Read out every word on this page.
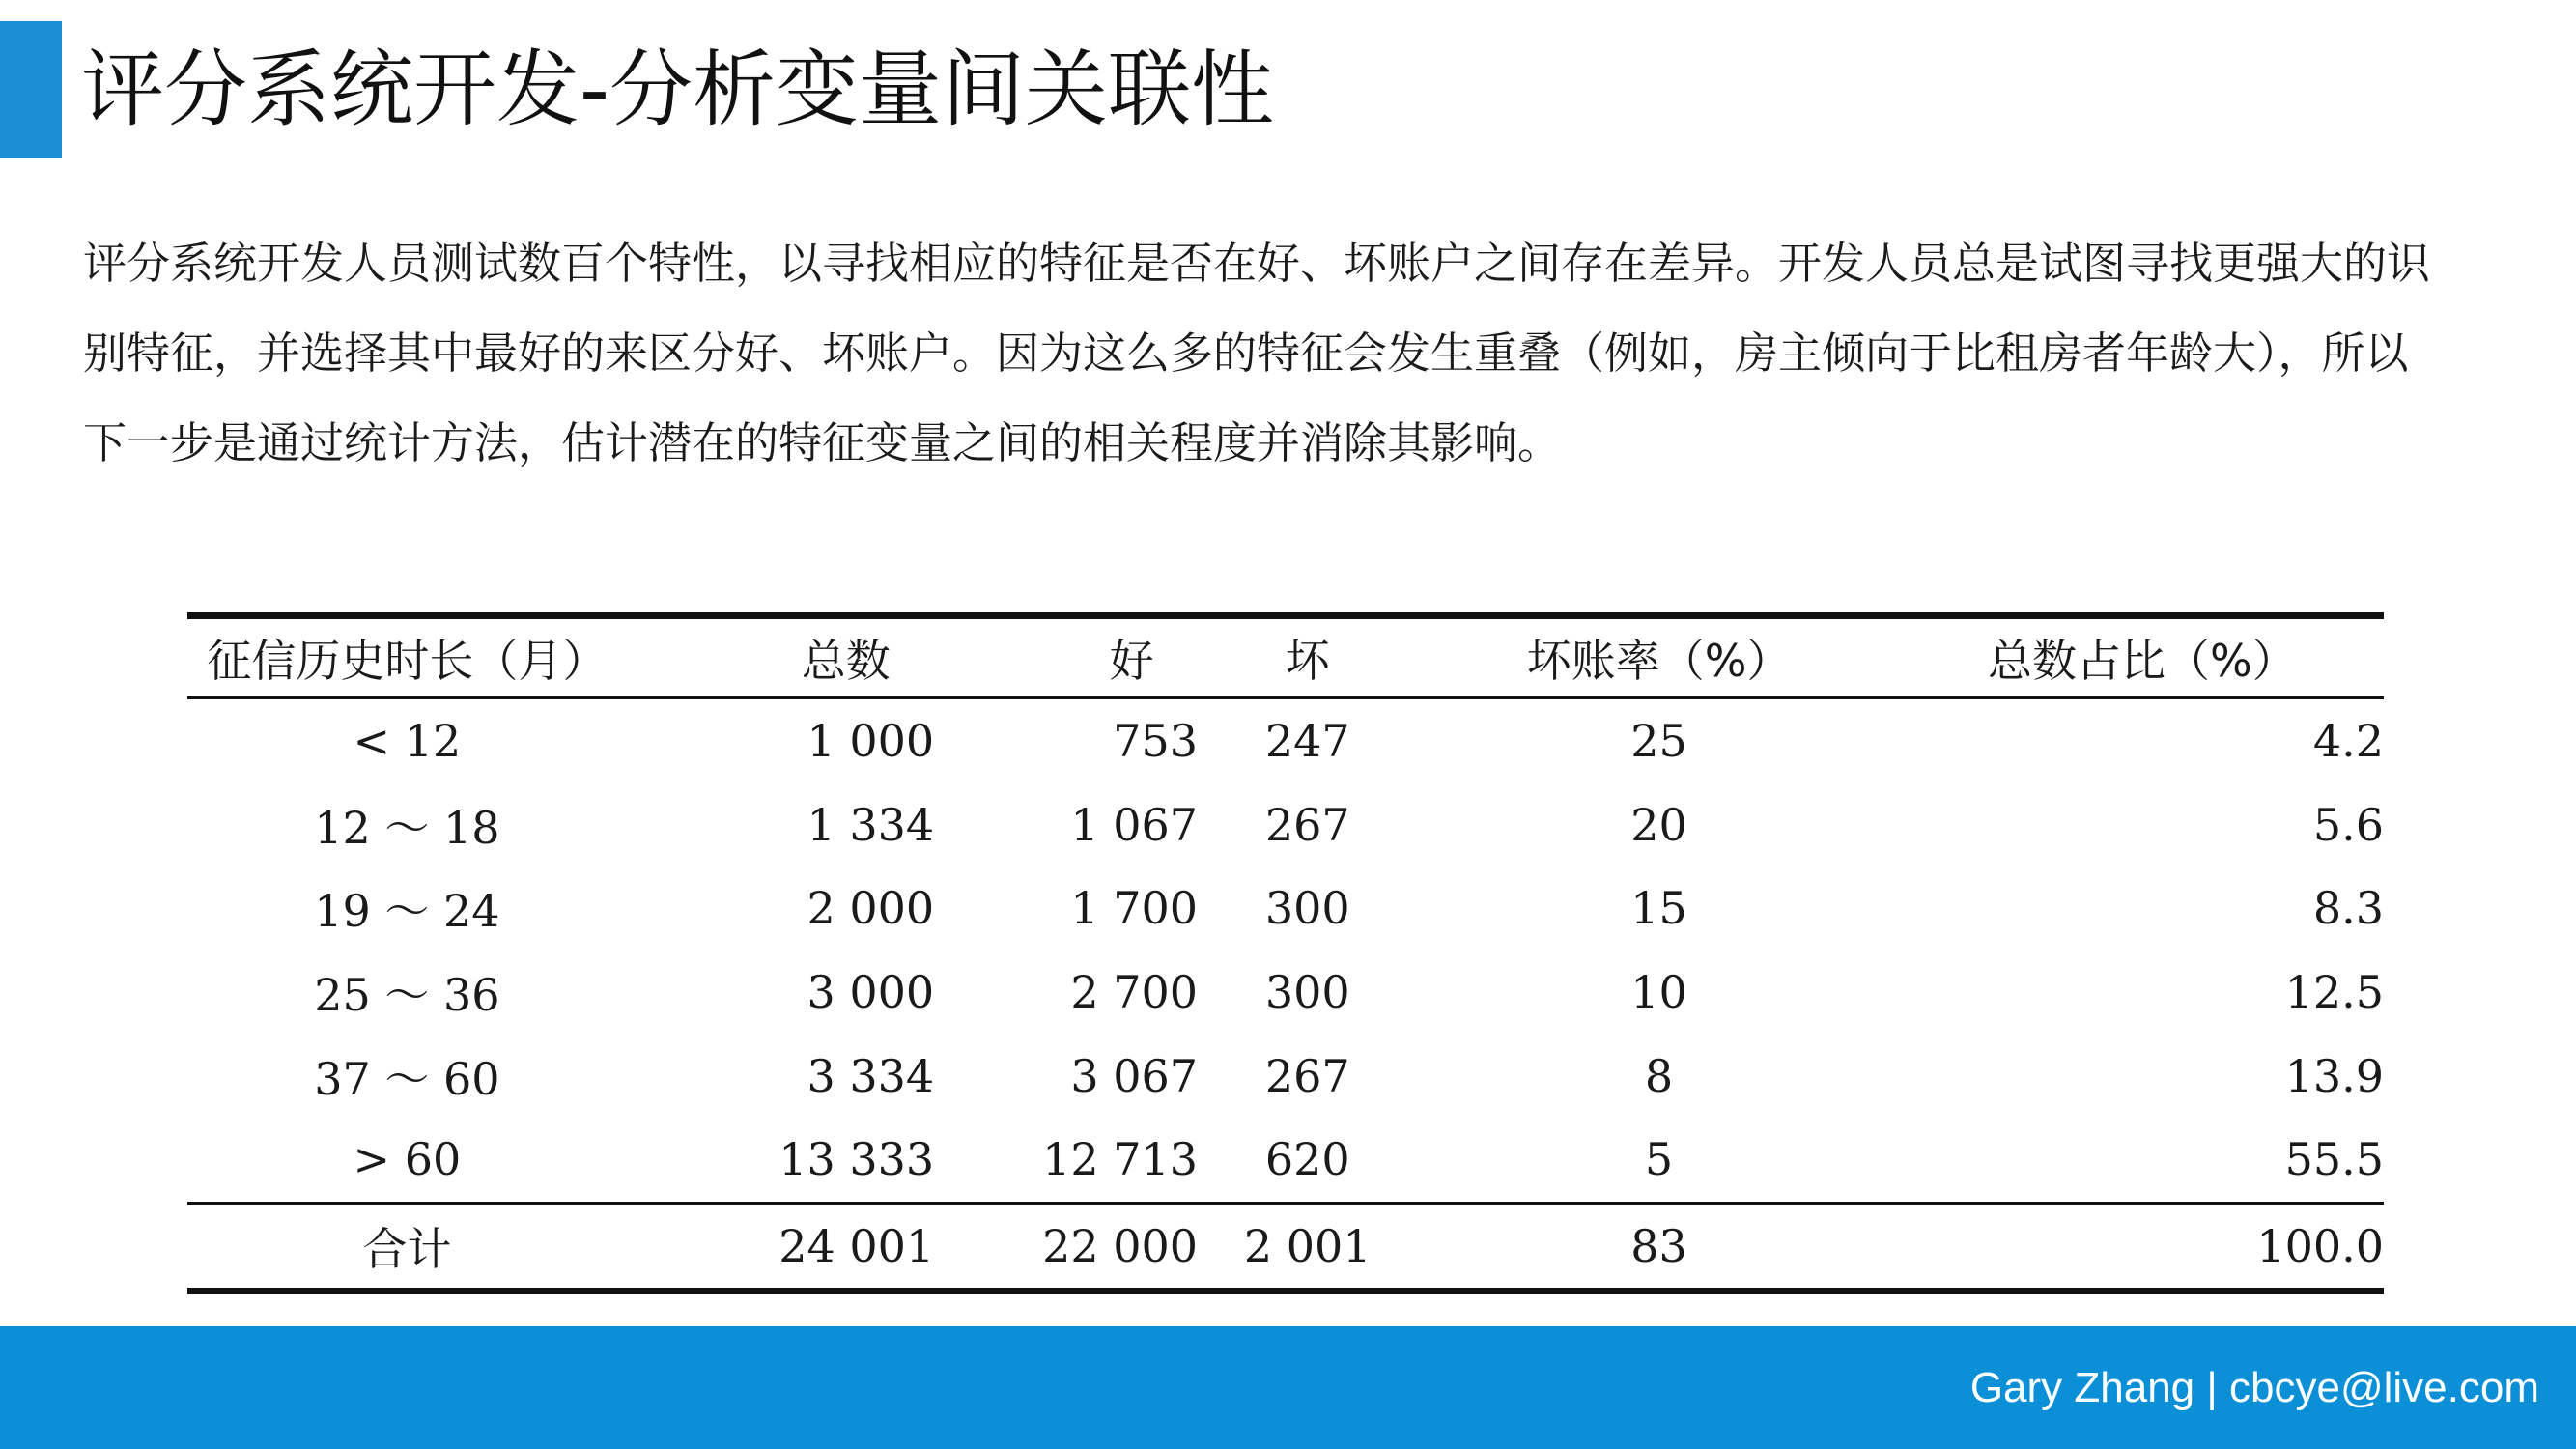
评分系统开发-分析变量间关联性

评分系统开发人员测试数百个特性，以寻找相应的特征是否在好、坏账户之间存在差异。开发人员总是试图寻找更强大的识别特征，并选择其中最好的来区分好、坏账户。因为这么多的特征会发生重叠（例如，房主倾向于比租房者年龄大），所以下一步是通过统计方法，估计潜在的特征变量之间的相关程度并消除其影响。

征信历史时长（月）	总数	好	坏	坏账率（%）	总数占比（%）
< 12	1 000	753	247	25	4.2
12 ～ 18	1 334	1 067	267	20	5.6
19 ～ 24	2 000	1 700	300	15	8.3
25 ～ 36	3 000	2 700	300	10	12.5
37 ～ 60	3 334	3 067	267	8	13.9
> 60	13 333	12 713	620	5	55.5
合计	24 001	22 000	2 001	83	100.0
Gary Zhang | cbcye@live.com
